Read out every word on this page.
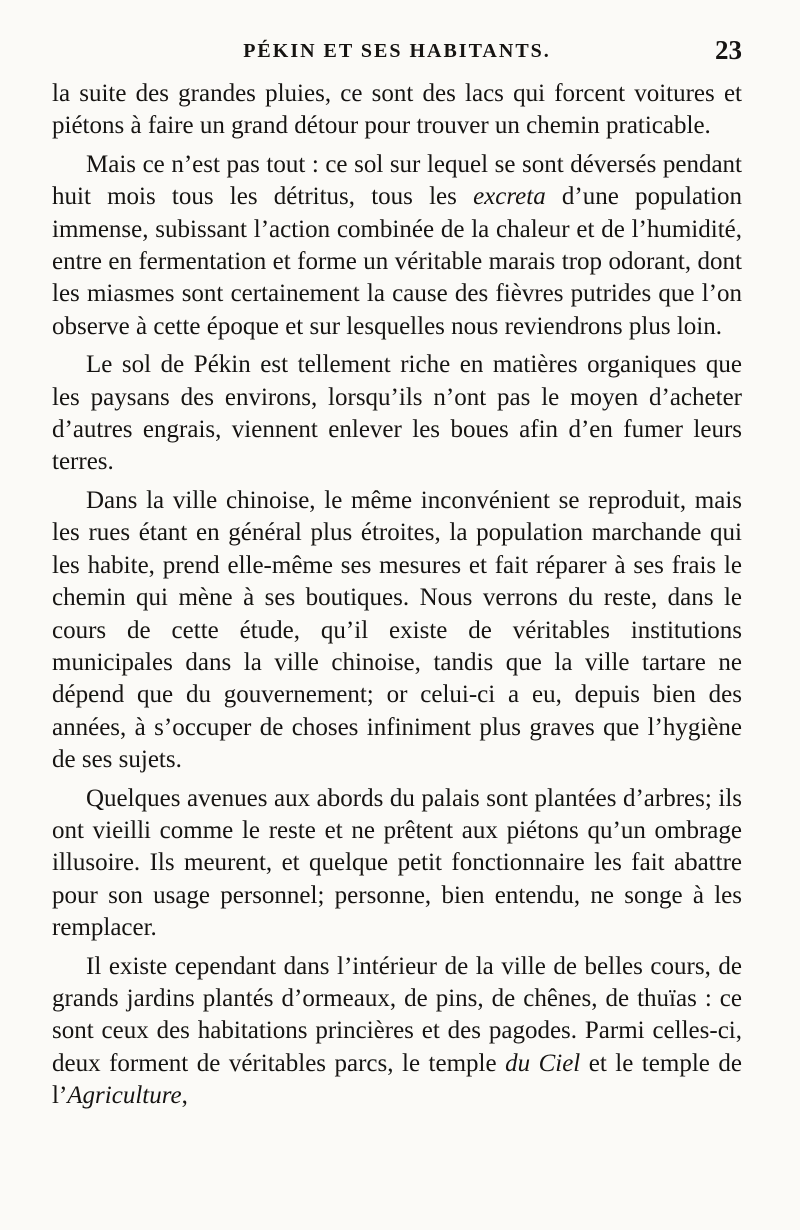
PÉKIN ET SES HABITANTS.	23

la suite des grandes pluies, ce sont des lacs qui forcent voitures et piétons à faire un grand détour pour trouver un chemin praticable.

Mais ce n’est pas tout : ce sol sur lequel se sont déversés pendant huit mois tous les détritus, tous les excreta d’une population immense, subissant l’action combinée de la chaleur et de l’humidité, entre en fermentation et forme un véritable marais trop odorant, dont les miasmes sont certainement la cause des fièvres putrides que l’on observe à cette époque et sur lesquelles nous reviendrons plus loin.

Le sol de Pékin est tellement riche en matières organiques que les paysans des environs, lorsqu’ils n’ont pas le moyen d’acheter d’autres engrais, viennent enlever les boues afin d’en fumer leurs terres.

Dans la ville chinoise, le même inconvénient se reproduit, mais les rues étant en général plus étroites, la population marchande qui les habite, prend elle-même ses mesures et fait réparer à ses frais le chemin qui mène à ses boutiques. Nous verrons du reste, dans le cours de cette étude, qu’il existe de véritables institutions municipales dans la ville chinoise, tandis que la ville tartare ne dépend que du gouvernement; or celui-ci a eu, depuis bien des années, à s’occuper de choses infiniment plus graves que l’hygiène de ses sujets.

Quelques avenues aux abords du palais sont plantées d’arbres; ils ont vieilli comme le reste et ne prêtent aux piétons qu’un ombrage illusoire. Ils meurent, et quelque petit fonctionnaire les fait abattre pour son usage personnel; personne, bien entendu, ne songe à les remplacer.

Il existe cependant dans l’intérieur de la ville de belles cours, de grands jardins plantés d’ormeaux, de pins, de chênes, de thuïas : ce sont ceux des habitations princières et des pagodes. Parmi celles-ci, deux forment de véritables parcs, le temple du Ciel et le temple de l’Agriculture,
